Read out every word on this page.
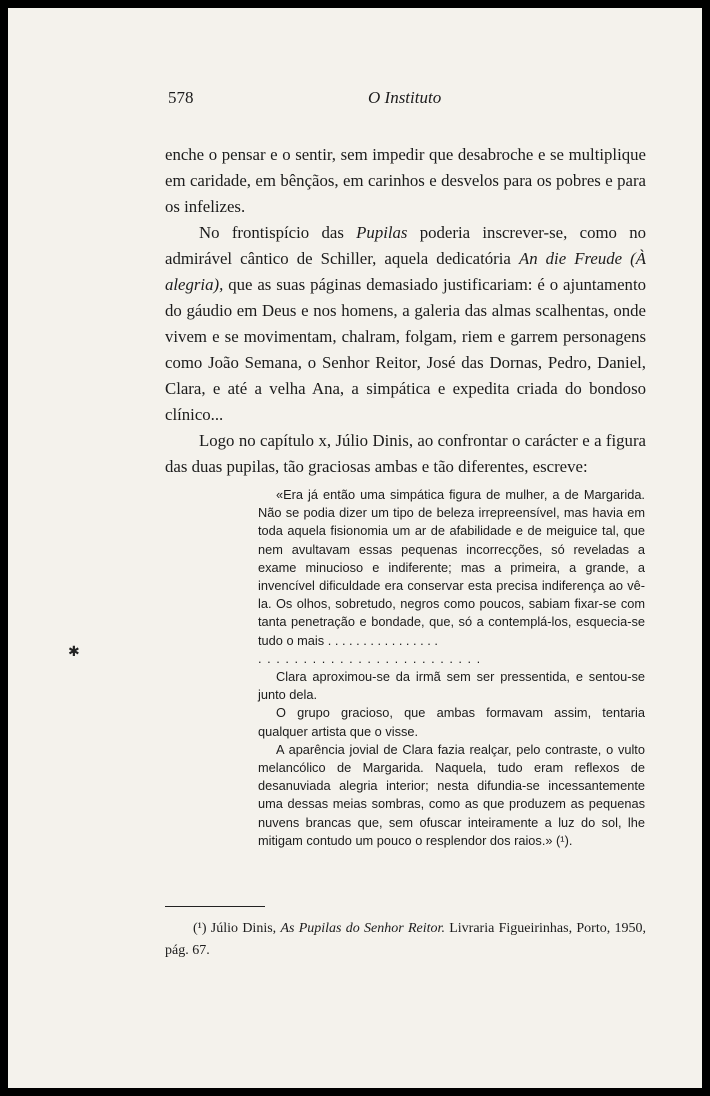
578	O Instituto

enche o pensar e o sentir, sem impedir que desabroche e se multiplique em caridade, em bênçãos, em carinhos e desvelos para os pobres e para os infelizes.

No frontispício das Pupilas poderia inscrever-se, como no admirável cântico de Schiller, aquela dedicatória An die Freude (À alegria), que as suas páginas demasiado justificariam: é o ajuntamento do gáudio em Deus e nos homens, a galeria das almas scalhentas, onde vivem e se movimentam, chalram, folgam, riem e garrem personagens como João Semana, o Senhor Reitor, José das Dornas, Pedro, Daniel, Clara, e até a velha Ana, a simpática e expedita criada do bondoso clínico...

Logo no capítulo x, Júlio Dinis, ao confrontar o carácter e a figura das duas pupilas, tão graciosas ambas e tão diferentes, escreve:

«Era já então uma simpática figura de mulher, a de Margarida. Não se podia dizer um tipo de beleza irrepreensível, mas havia em toda aquela fisionomia um ar de afabilidade e de meiguice tal, que nem avultavam essas pequenas incorrecções, só reveladas a exame minucioso e indiferente; mas a primeira, a grande, a invencível dificuldade era conservar esta precisa indiferença ao vê-la. Os olhos, sobretudo, negros como poucos, sabiam fixar-se com tanta penetração e bondade, que, só a contemplá-los, esquecia-se tudo o mais . . . . . . . . . . . . . . . .

. . . . . . . . . . . . . . . . . . . . . . . . .

Clara aproximou-se da irmã sem ser pressentida, e sentou-se junto dela.

O grupo gracioso, que ambas formavam assim, tentaria qualquer artista que o visse.

A aparência jovial de Clara fazia realçar, pelo contraste, o vulto melancólico de Margarida. Naquela, tudo eram reflexos de desanuviada alegria interior; nesta difundia-se incessantemente uma dessas meias sombras, como as que produzem as pequenas nuvens brancas que, sem ofuscar inteiramente a luz do sol, lhe mitigam contudo um pouco o resplendor dos raios.» (¹).

✱
(¹) Júlio Dinis, As Pupilas do Senhor Reitor. Livraria Figueirinhas, Porto, 1950, pág. 67.
